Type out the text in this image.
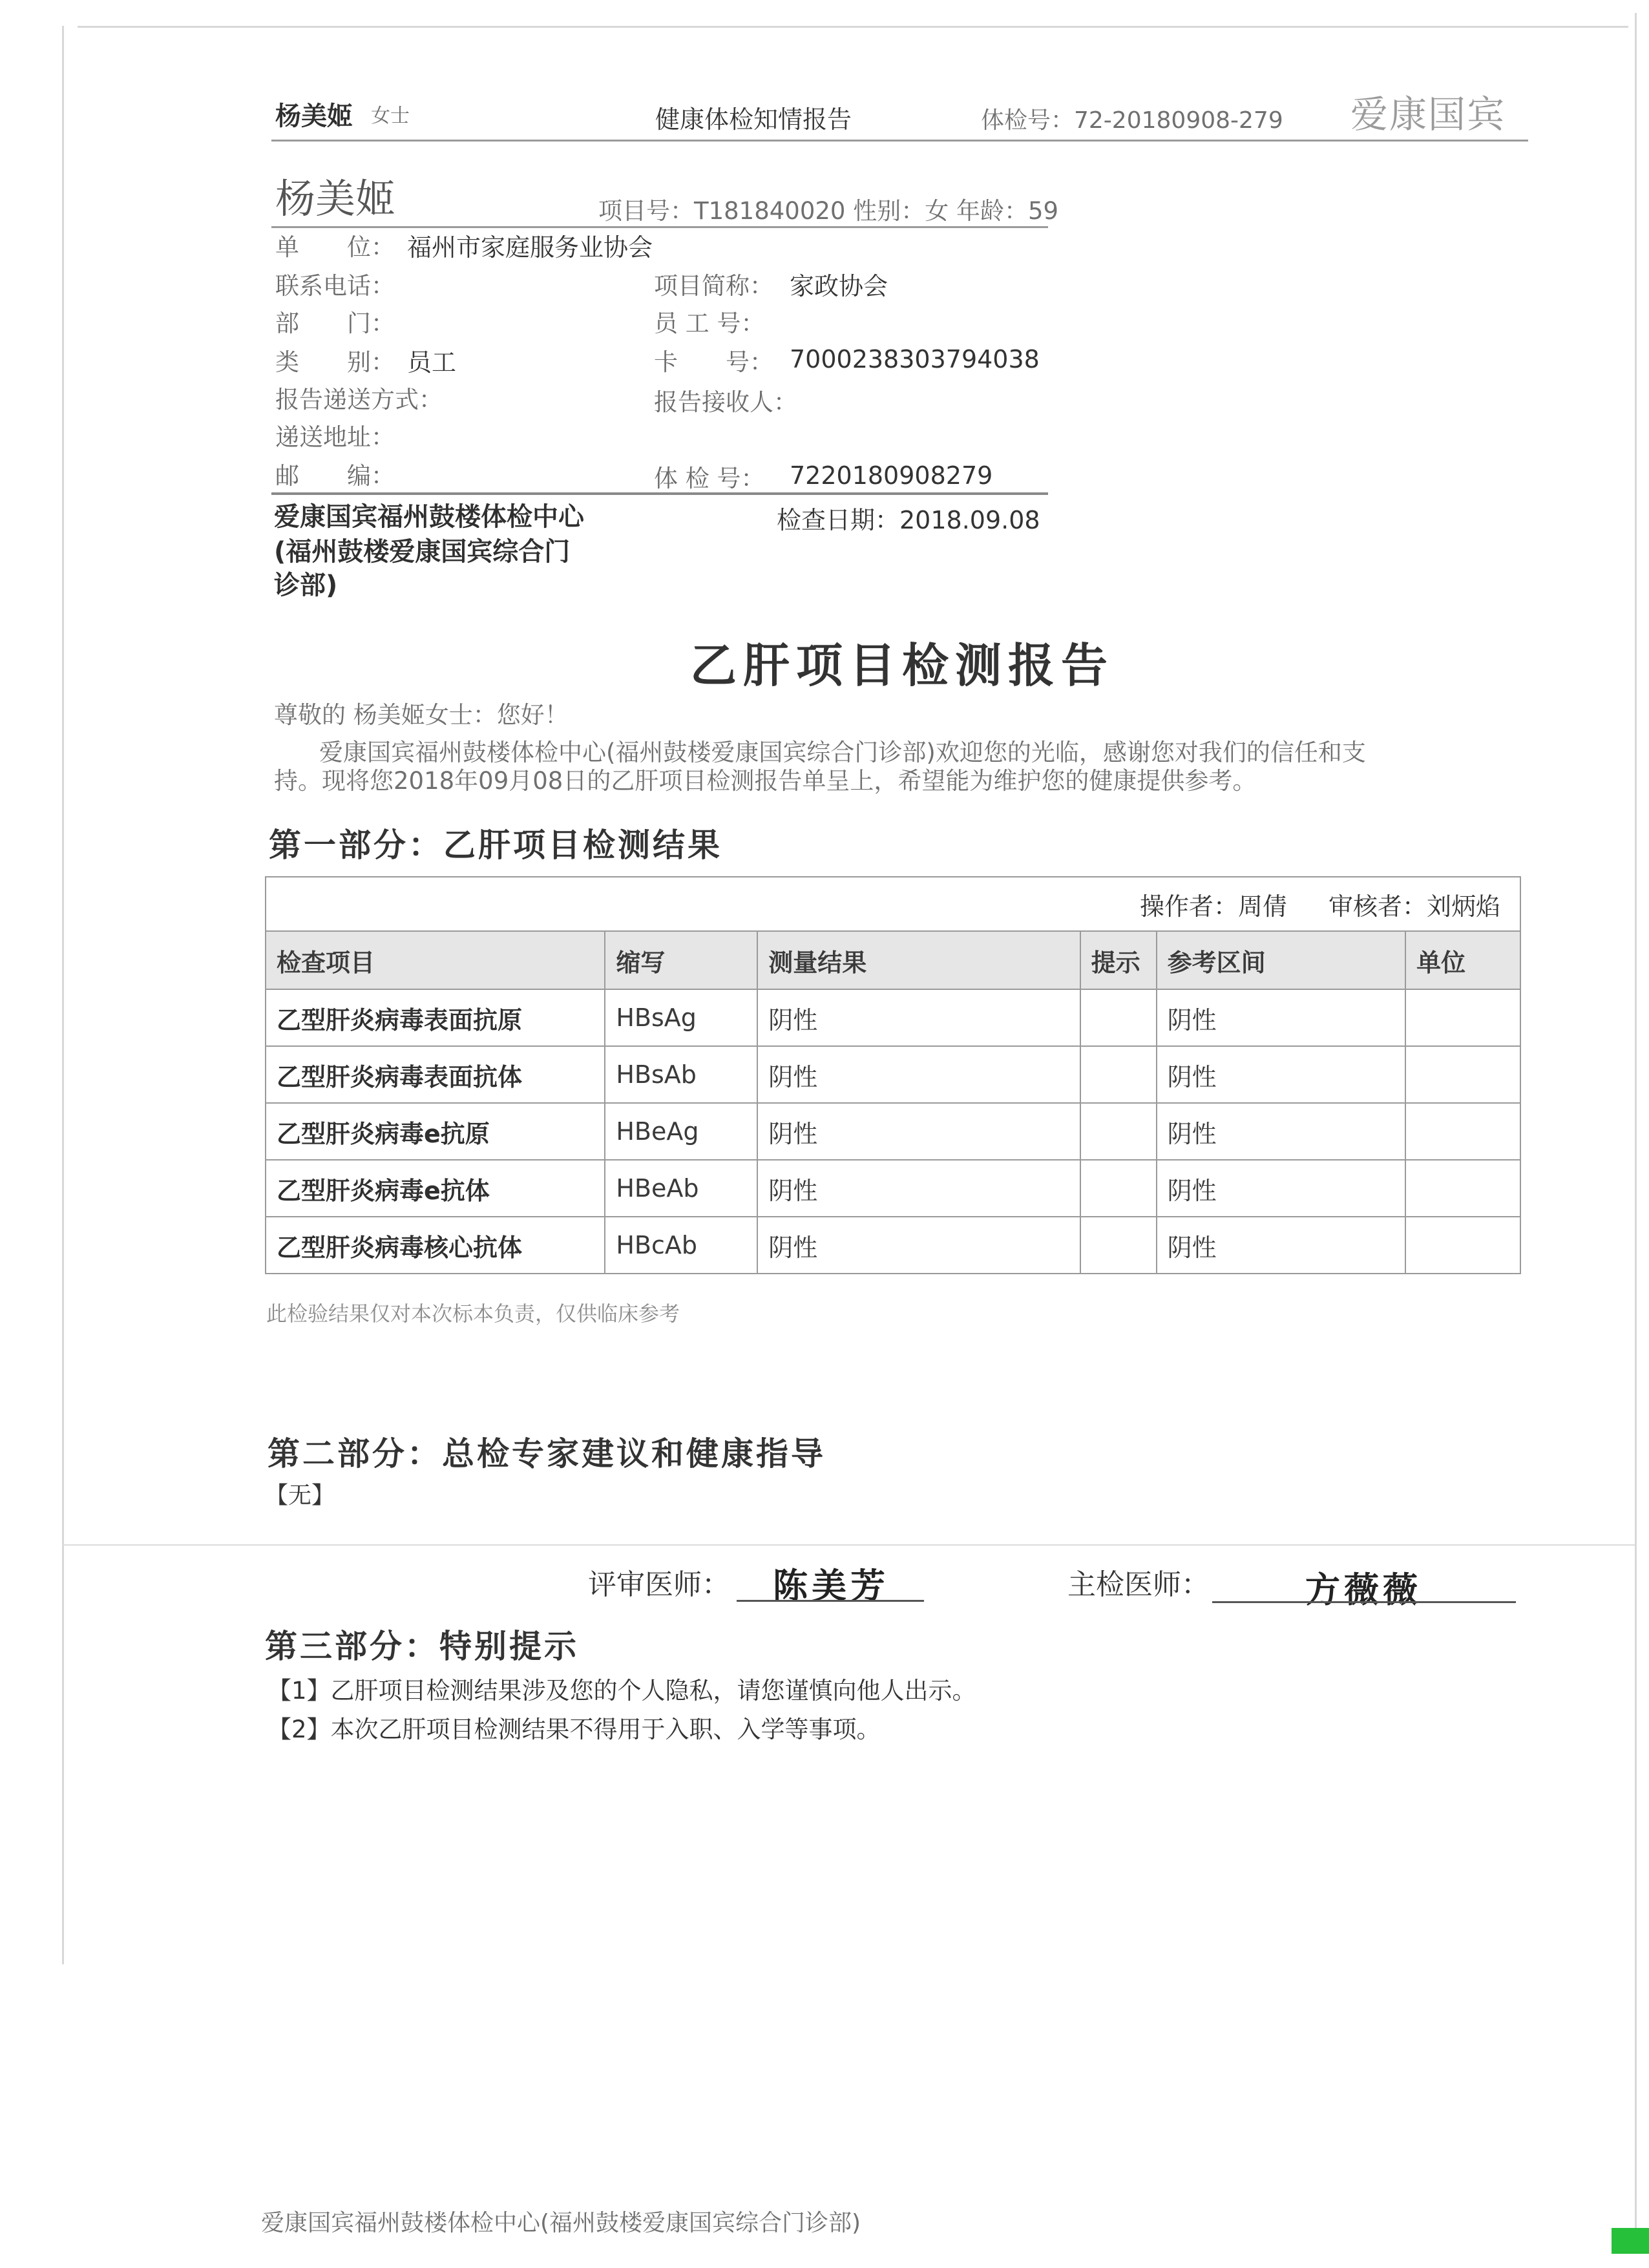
杨美姬 女士	健康体检知情报告	体检号：72-20180908-279 爱康国宾
杨美姬	项目号：T181840020 性别：女 年龄：59
单　　位： 福州市家庭服务业协会
联系电话：	项目简称： 家政协会
部　　门：	员 工 号：
类　　别： 员工	卡　　号： 7000238303794038
报告递送方式：	报告接收人：
递送地址：
邮　　编：	体 检 号： 7220180908279
爱康国宾福州鼓楼体检中心
(福州鼓楼爱康国宾综合门
诊部)
检查日期：2018.09.08
乙肝项目检测报告
尊敬的 杨美姬女士：您好！
爱康国宾福州鼓楼体检中心(福州鼓楼爱康国宾综合门诊部)欢迎您的光临，感谢您对我们的信任和支
持。现将您2018年09月08日的乙肝项目检测报告单呈上，希望能为维护您的健康提供参考。
第一部分：乙肝项目检测结果
操作者：周倩 审核者：刘炳焰
检查项目	缩写	测量结果	提示	参考区间	单位
乙型肝炎病毒表面抗原	HBsAg	阴性		阴性	
乙型肝炎病毒表面抗体	HBsAb	阴性		阴性	
乙型肝炎病毒e抗原	HBeAg	阴性		阴性	
乙型肝炎病毒e抗体	HBeAb	阴性		阴性	
乙型肝炎病毒核心抗体	HBcAb	阴性		阴性	
此检验结果仅对本次标本负责，仅供临床参考
第二部分：总检专家建议和健康指导
【无】
评审医师： 陈美芳	主检医师：	方薇薇
第三部分：特别提示
【1】乙肝项目检测结果涉及您的个人隐私，请您谨慎向他人出示。
【2】本次乙肝项目检测结果不得用于入职、入学等事项。
爱康国宾福州鼓楼体检中心(福州鼓楼爱康国宾综合门诊部)
